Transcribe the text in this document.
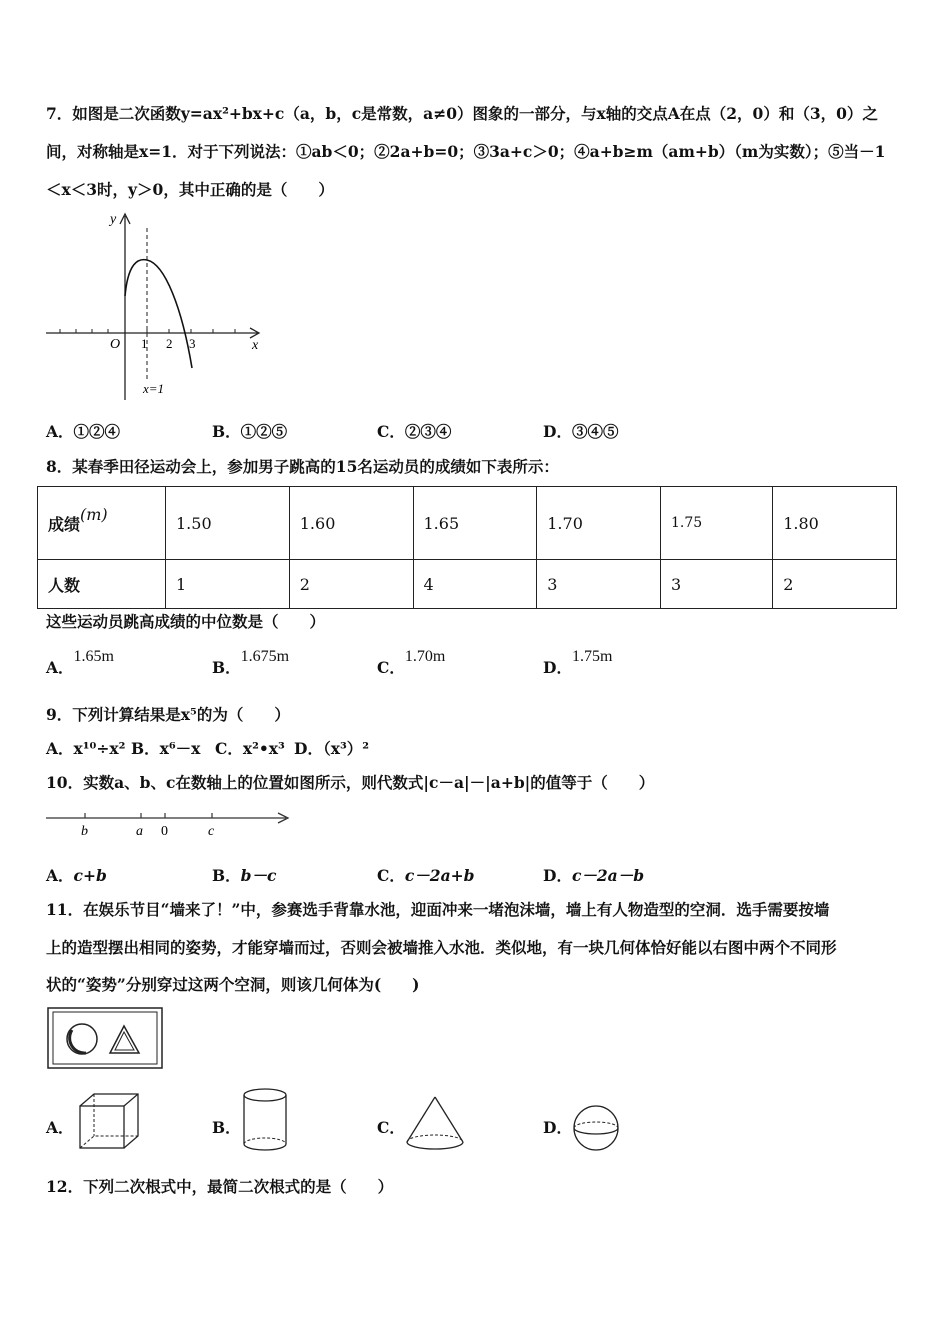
7．如图是二次函数y=ax²+bx+c（a，b，c是常数，a≠0）图象的一部分，与x轴的交点A在点（2，0）和（3，0）之
间，对称轴是x=1．对于下列说法：①ab＜0；②2a+b=0；③3a+c＞0；④a+b≥m（am+b）（m为实数）；⑤当－1
＜x＜3时，y＞0，其中正确的是（　　）
y
x
O 1 2 3
x=1
A．①②④	B．①②⑤	C．②③④	D．③④⑤
8．某春季田径运动会上，参加男子跳高的15名运动员的成绩如下表所示：
成绩(m)	1.50	1.60	1.65	1.70	1.75	1.80
人数	1	2	4	3	3	2
这些运动员跳高成绩的中位数是（　　）
A．1.65m
B．1.675m
C．1.70m
D．1.75m
9．下列计算结果是x⁵的为（　　）
A．x¹⁰÷x² B．x⁶－x C．x²•x³ D．（x³）²
10．实数a、b、c在数轴上的位置如图所示，则代数式|c－a|－|a+b|的值等于（　　）
b	a 0	c
A．c+b	B．b－c	C．c－2a+b	D．c－2a－b
11．在娱乐节目“墙来了！”中，参赛选手背靠水池，迎面冲来一堵泡沫墙，墙上有人物造型的空洞．选手需要按墙
上的造型摆出相同的姿势，才能穿墙而过，否则会被墙推入水池．类似地，有一块几何体恰好能以右图中两个不同形
状的“姿势”分别穿过这两个空洞，则该几何体为(　　)
A．	B．	C．	D．
12．下列二次根式中，最简二次根式的是（　　）
